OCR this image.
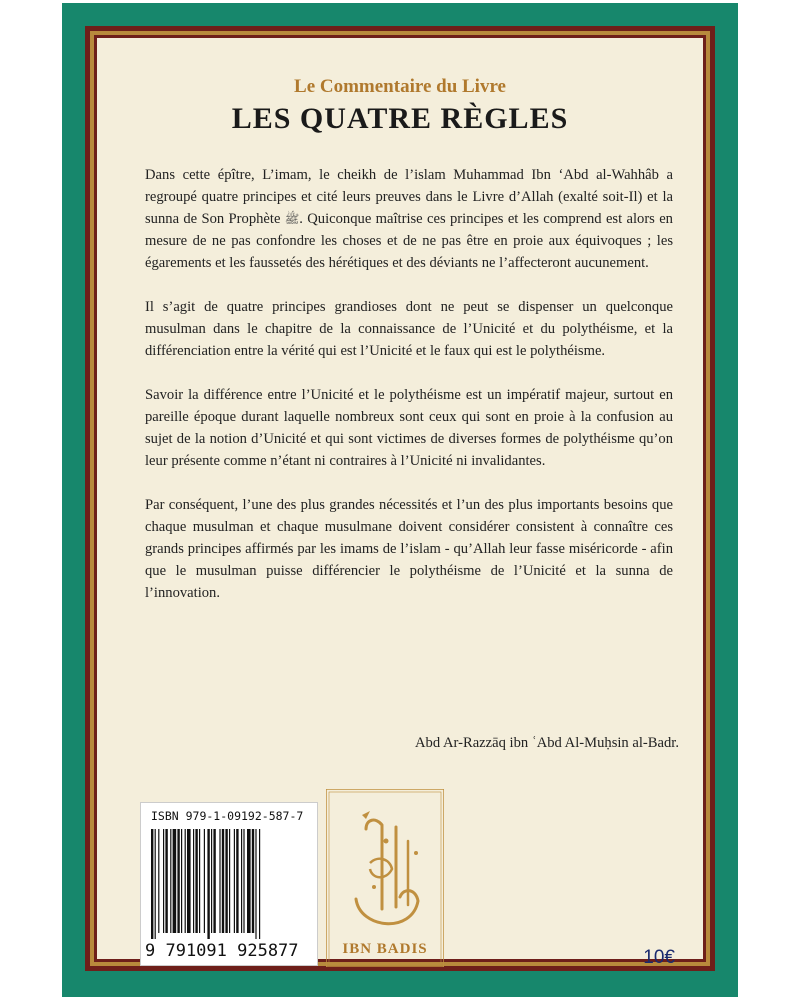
Le Commentaire du Livre
LES QUATRE RÈGLES

Dans cette épître, L’imam, le cheikh de l’islam Muhammad Ibn ‘Abd al-Wahhâb a regroupé quatre principes et cité leurs preuves dans le Livre d’Allah (exalté soit-Il) et la sunna de Son Prophète ﷺ. Quiconque maîtrise ces principes et les comprend est alors en mesure de ne pas confondre les choses et de ne pas être en proie aux équivoques ; les égarements et les faussetés des hérétiques et des déviants ne l’affecteront aucunement.

Il s’agit de quatre principes grandioses dont ne peut se dispenser un quelconque musulman dans le chapitre de la connaissance de l’Unicité et du polythéisme, et la différenciation entre la vérité qui est l’Unicité et le faux qui est le polythéisme.

Savoir la différence entre l’Unicité et le polythéisme est un impératif majeur, surtout en pareille époque durant laquelle nombreux sont ceux qui sont en proie à la confusion au sujet de la notion d’Unicité et qui sont victimes de diverses formes de polythéisme qu’on leur présente comme n’étant ni contraires à l’Unicité ni invalidantes.

Par conséquent, l’une des plus grandes nécessités et l’un des plus importants besoins que chaque musulman et chaque musulmane doivent considérer consistent à connaître ces grands principes affirmés par les imams de l’islam - qu’Allah leur fasse miséricorde - afin que le musulman puisse différencier le polythéisme de l’Unicité et la sunna de l’innovation.

Abd Ar-Razzāq ibn ʿAbd Al-Muḥsin al-Badr.
ISBN 979-1-09192-587-7
9 791091 925877	IBN BADIS	10€
